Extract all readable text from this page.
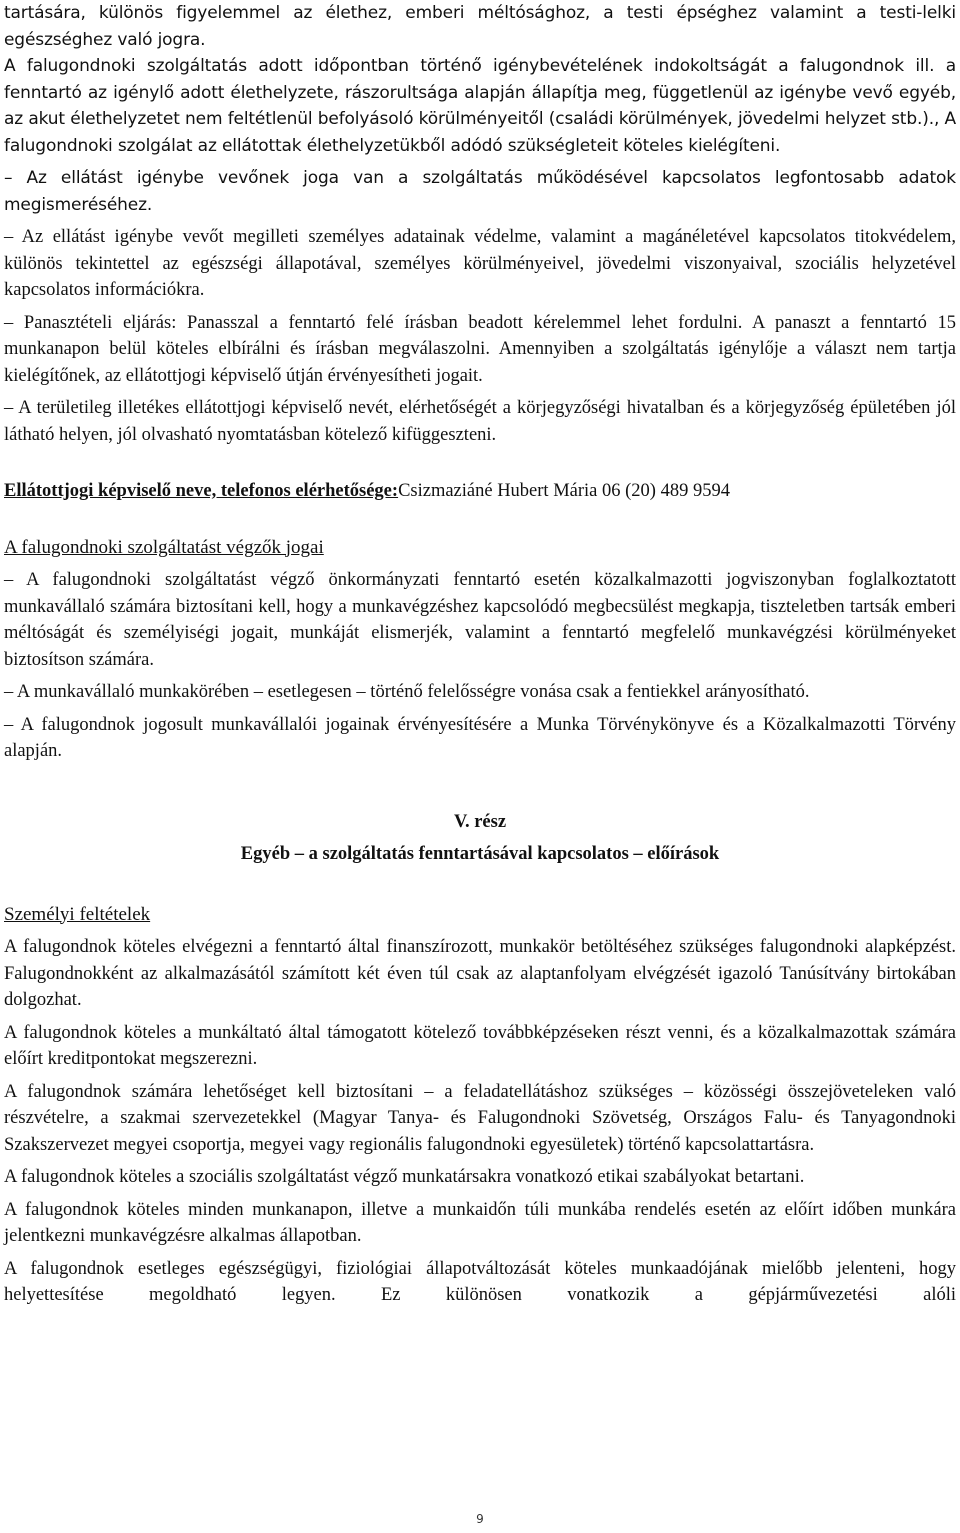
tartására, különös figyelemmel az élethez, emberi méltósághoz, a testi épséghez valamint a testi-lelki egészséghez való jogra.

A falugondnoki szolgáltatás adott időpontban történő igénybevételének indokoltságát a falugondnok ill. a fenntartó az igénylő adott élethelyzete, rászorultsága alapján állapítja meg, függetlenül az igénybe vevő egyéb, az akut élethelyzetet nem feltétlenül befolyásoló körülményeitől (családi körülmények, jövedelmi helyzet stb.)., A falugondnoki szolgálat az ellátottak élethelyzetükből adódó szükségleteit köteles kielégíteni.

– Az ellátást igénybe vevőnek joga van a szolgáltatás működésével kapcsolatos legfontosabb adatok megismeréséhez.

– Az ellátást igénybe vevőt megilleti személyes adatainak védelme, valamint a magánéletével kapcsolatos titokvédelem, különös tekintettel az egészségi állapotával, személyes körülményeivel, jövedelmi viszonyaival, szociális helyzetével kapcsolatos információkra.

– Panasztételi eljárás: Panasszal a fenntartó felé írásban beadott kérelemmel lehet fordulni. A panaszt a fenntartó 15 munkanapon belül köteles elbírálni és írásban megválaszolni. Amennyiben a szolgáltatás igénylője a választ nem tartja kielégítőnek, az ellátottjogi képviselő útján érvényesítheti jogait.

– A területileg illetékes ellátottjogi képviselő nevét, elérhetőségét a körjegyzőségi hivatalban és a körjegyzőség épületében jól látható helyen, jól olvasható nyomtatásban kötelező kifüggeszteni.

Ellátottjogi képviselő neve, telefonos elérhetősége:Csizmaziáné Hubert Mária 06 (20) 489 9594

A falugondnoki szolgáltatást végzők jogai

– A falugondnoki szolgáltatást végző önkormányzati fenntartó esetén közalkalmazotti jogviszonyban foglalkoztatott munkavállaló számára biztosítani kell, hogy a munkavégzéshez kapcsolódó megbecsülést megkapja, tiszteletben tartsák emberi méltóságát és személyiségi jogait, munkáját elismerjék, valamint a fenntartó megfelelő munkavégzési körülményeket biztosítson számára.

– A munkavállaló munkakörében – esetlegesen – történő felelősségre vonása csak a fentiekkel arányosítható.

– A falugondnok jogosult munkavállalói jogainak érvényesítésére a Munka Törvénykönyve és a Közalkalmazotti Törvény alapján.

V. rész

Egyéb – a szolgáltatás fenntartásával kapcsolatos – előírások

Személyi feltételek

A falugondnok köteles elvégezni a fenntartó által finanszírozott, munkakör betöltéséhez szükséges falugondnoki alapképzést. Falugondnokként az alkalmazásától számított két éven túl csak az alaptanfolyam elvégzését igazoló Tanúsítvány birtokában dolgozhat.

A falugondnok köteles a munkáltató által támogatott kötelező továbbképzéseken részt venni, és a közalkalmazottak számára előírt kreditpontokat megszerezni.

A falugondnok számára lehetőséget kell biztosítani – a feladatellátáshoz szükséges – közösségi összejöveteleken való részvételre, a szakmai szervezetekkel (Magyar Tanya- és Falugondnoki Szövetség, Országos Falu- és Tanyagondnoki Szakszervezet megyei csoportja, megyei vagy regionális falugondnoki egyesületek) történő kapcsolattartásra.

A falugondnok köteles a szociális szolgáltatást végző munkatársakra vonatkozó etikai szabályokat betartani.

A falugondnok köteles minden munkanapon, illetve a munkaidőn túli munkába rendelés esetén az előírt időben munkára jelentkezni munkavégzésre alkalmas állapotban.

A falugondnok esetleges egészségügyi, fiziológiai állapotváltozását köteles munkaadójának mielőbb jelenteni, hogy helyettesítése megoldható legyen. Ez különösen vonatkozik a gépjárművezetési alóli

9
